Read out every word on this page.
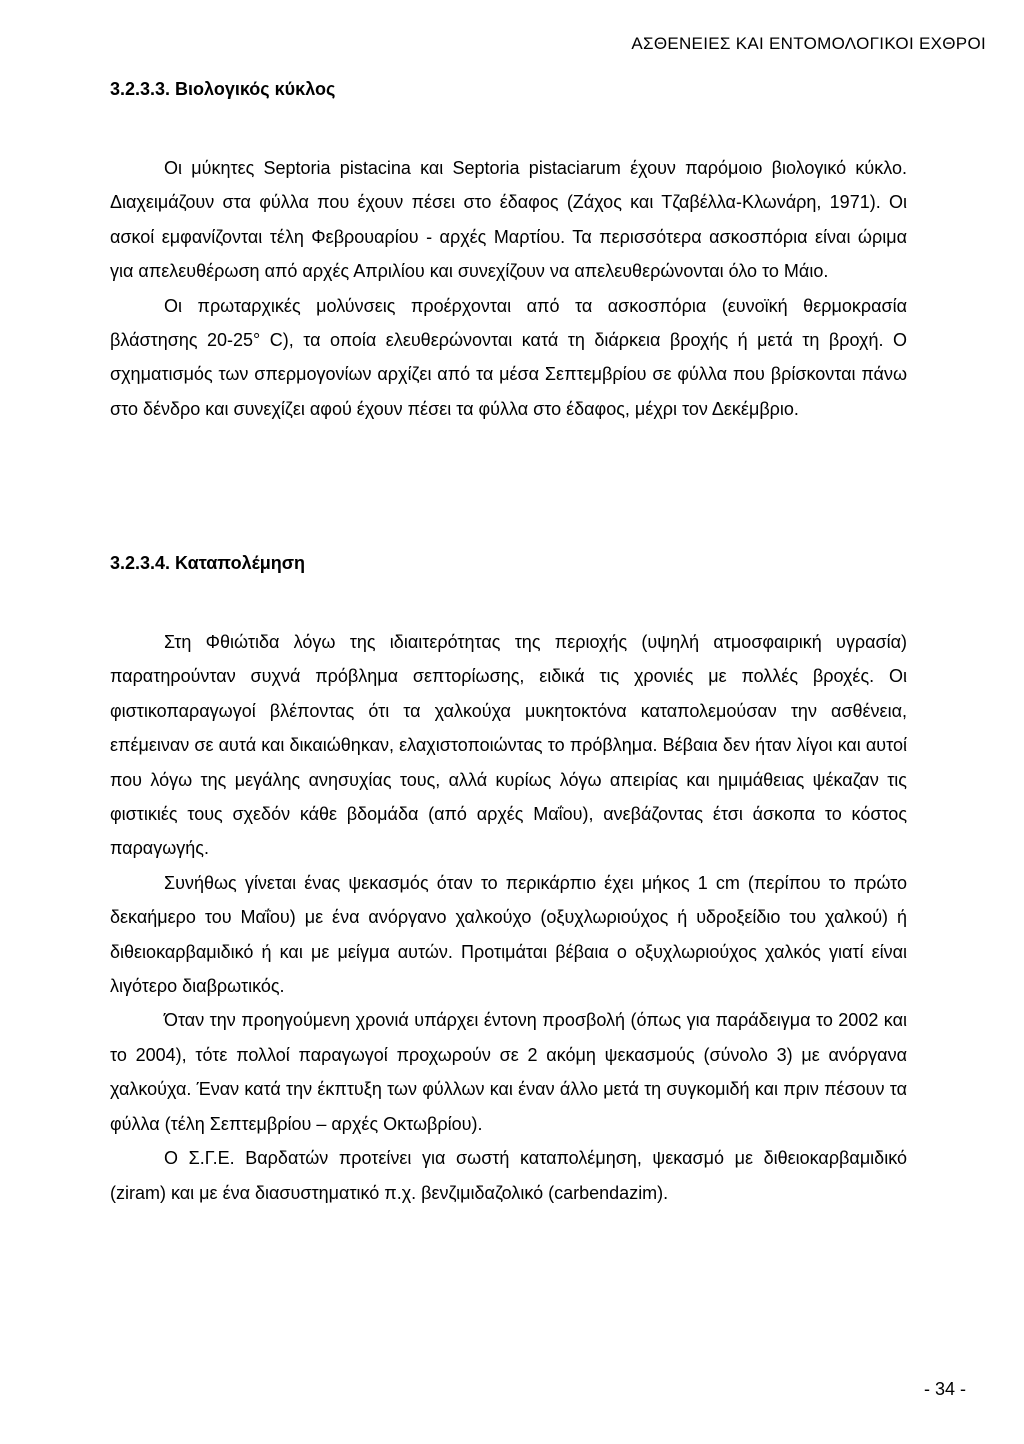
ΑΣΘΕΝΕΙΕΣ ΚΑΙ ΕΝΤΟΜΟΛΟΓΙΚΟΙ ΕΧΘΡΟΙ
3.2.3.3. Βιολογικός κύκλος

Οι μύκητες Septoria pistacina και Septoria pistaciarum έχουν παρόμοιο βιολογικό κύκλο. Διαχειμάζουν στα φύλλα που έχουν πέσει στο έδαφος (Ζάχος και Τζαβέλλα-Κλωνάρη, 1971). Οι ασκοί εμφανίζονται τέλη Φεβρουαρίου - αρχές Μαρτίου. Τα περισσότερα ασκοσπόρια είναι ώριμα για απελευθέρωση από αρχές Απριλίου και συνεχίζουν να απελευθερώνονται όλο το Μάιο.

Οι πρωταρχικές μολύνσεις προέρχονται από τα ασκοσπόρια (ευνοϊκή θερμοκρασία βλάστησης 20-25° C), τα οποία ελευθερώνονται κατά τη διάρκεια βροχής ή μετά τη βροχή. Ο σχηματισμός των σπερμογονίων αρχίζει από τα μέσα Σεπτεμβρίου σε φύλλα που βρίσκονται πάνω στο δένδρο και συνεχίζει αφού έχουν πέσει τα φύλλα στο έδαφος, μέχρι τον Δεκέμβριο.

3.2.3.4. Καταπολέμηση

Στη Φθιώτιδα λόγω της ιδιαιτερότητας της περιοχής (υψηλή ατμοσφαιρική υγρασία) παρατηρούνταν συχνά πρόβλημα σεπτορίωσης, ειδικά τις χρονιές με πολλές βροχές. Οι φιστικοπαραγωγοί βλέποντας ότι τα χαλκούχα μυκητοκτόνα καταπολεμούσαν την ασθένεια, επέμειναν σε αυτά και δικαιώθηκαν, ελαχιστοποιώντας το πρόβλημα. Βέβαια δεν ήταν λίγοι και αυτοί που λόγω της μεγάλης ανησυχίας τους, αλλά κυρίως λόγω απειρίας και ημιμάθειας ψέκαζαν τις φιστικιές τους σχεδόν κάθε βδομάδα (από αρχές Μαΐου), ανεβάζοντας έτσι άσκοπα το κόστος παραγωγής.

Συνήθως γίνεται ένας ψεκασμός όταν το περικάρπιο έχει μήκος 1 cm (περίπου το πρώτο δεκαήμερο του Μαΐου) με ένα ανόργανο χαλκούχο (οξυχλωριούχος ή υδροξείδιο του χαλκού) ή διθειοκαρβαμιδικό ή και με μείγμα αυτών. Προτιμάται βέβαια ο οξυχλωριούχος χαλκός γιατί είναι λιγότερο διαβρωτικός.

Όταν την προηγούμενη χρονιά υπάρχει έντονη προσβολή (όπως για παράδειγμα το 2002 και το 2004), τότε πολλοί παραγωγοί προχωρούν σε 2 ακόμη ψεκασμούς (σύνολο 3) με ανόργανα χαλκούχα. Έναν κατά την έκπτυξη των φύλλων και έναν άλλο μετά τη συγκομιδή και πριν πέσουν τα φύλλα (τέλη Σεπτεμβρίου – αρχές Οκτωβρίου).

Ο Σ.Γ.Ε. Βαρδατών προτείνει για σωστή καταπολέμηση, ψεκασμό με διθειοκαρβαμιδικό (ziram) και με ένα διασυστηματικό π.χ. βενζιμιδαζολικό (carbendazim).

- 34 -
